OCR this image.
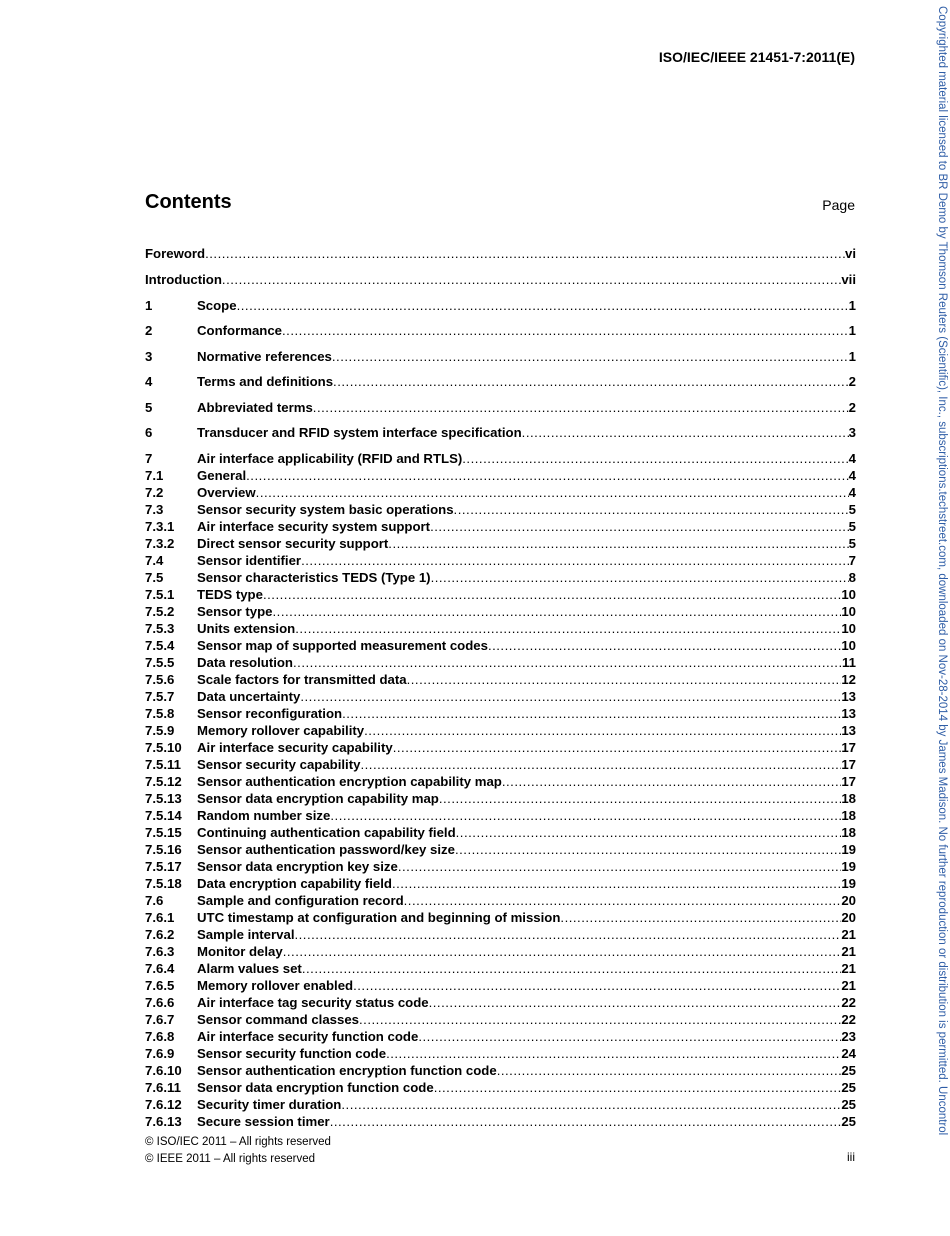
ISO/IEC/IEEE 21451-7:2011(E)
Contents	Page
Foreword .....	vi
Introduction .....	vii
1	Scope .....	1
2	Conformance .....	1
3	Normative references .....	1
4	Terms and definitions .....	2
5	Abbreviated terms .....	2
6	Transducer and RFID system interface specification .....	3
7	Air interface applicability (RFID and RTLS) .....	4
7.1	General .....	4
7.2	Overview .....	4
7.3	Sensor security system basic operations .....	5
7.3.1	Air interface security system support .....	5
7.3.2	Direct sensor security support .....	5
7.4	Sensor identifier .....	7
7.5	Sensor characteristics TEDS (Type 1) .....	8
7.5.1	TEDS type .....	10
7.5.2	Sensor type .....	10
7.5.3	Units extension .....	10
7.5.4	Sensor map of supported measurement codes .....	10
7.5.5	Data resolution .....	11
7.5.6	Scale factors for transmitted data .....	12
7.5.7	Data uncertainty .....	13
7.5.8	Sensor reconfiguration .....	13
7.5.9	Memory rollover capability .....	13
7.5.10	Air interface security capability .....	17
7.5.11	Sensor security capability .....	17
7.5.12	Sensor authentication encryption capability map .....	17
7.5.13	Sensor data encryption capability map .....	18
7.5.14	Random number size .....	18
7.5.15	Continuing authentication capability field .....	18
7.5.16	Sensor authentication password/key size .....	19
7.5.17	Sensor data encryption key size .....	19
7.5.18	Data encryption capability field .....	19
7.6	Sample and configuration record .....	20
7.6.1	UTC timestamp at configuration and beginning of mission .....	20
7.6.2	Sample interval .....	21
7.6.3	Monitor delay .....	21
7.6.4	Alarm values set .....	21
7.6.5	Memory rollover enabled .....	21
7.6.6	Air interface tag security status code .....	22
7.6.7	Sensor command classes .....	22
7.6.8	Air interface security function code .....	23
7.6.9	Sensor security function code .....	24
7.6.10	Sensor authentication encryption function code .....	25
7.6.11	Sensor data encryption function code .....	25
7.6.12	Security timer duration .....	25
7.6.13	Secure session timer .....	25
© ISO/IEC 2011 – All rights reserved
© IEEE 2011 – All rights reserved	iii
Copyrighted material licensed to BR Demo by Thomson Reuters (Scientific), Inc., subscriptions.techstreet.com, downloaded on Nov-28-2014 by James Madison. No further reproduction or distribution is permitted. Uncontrol
